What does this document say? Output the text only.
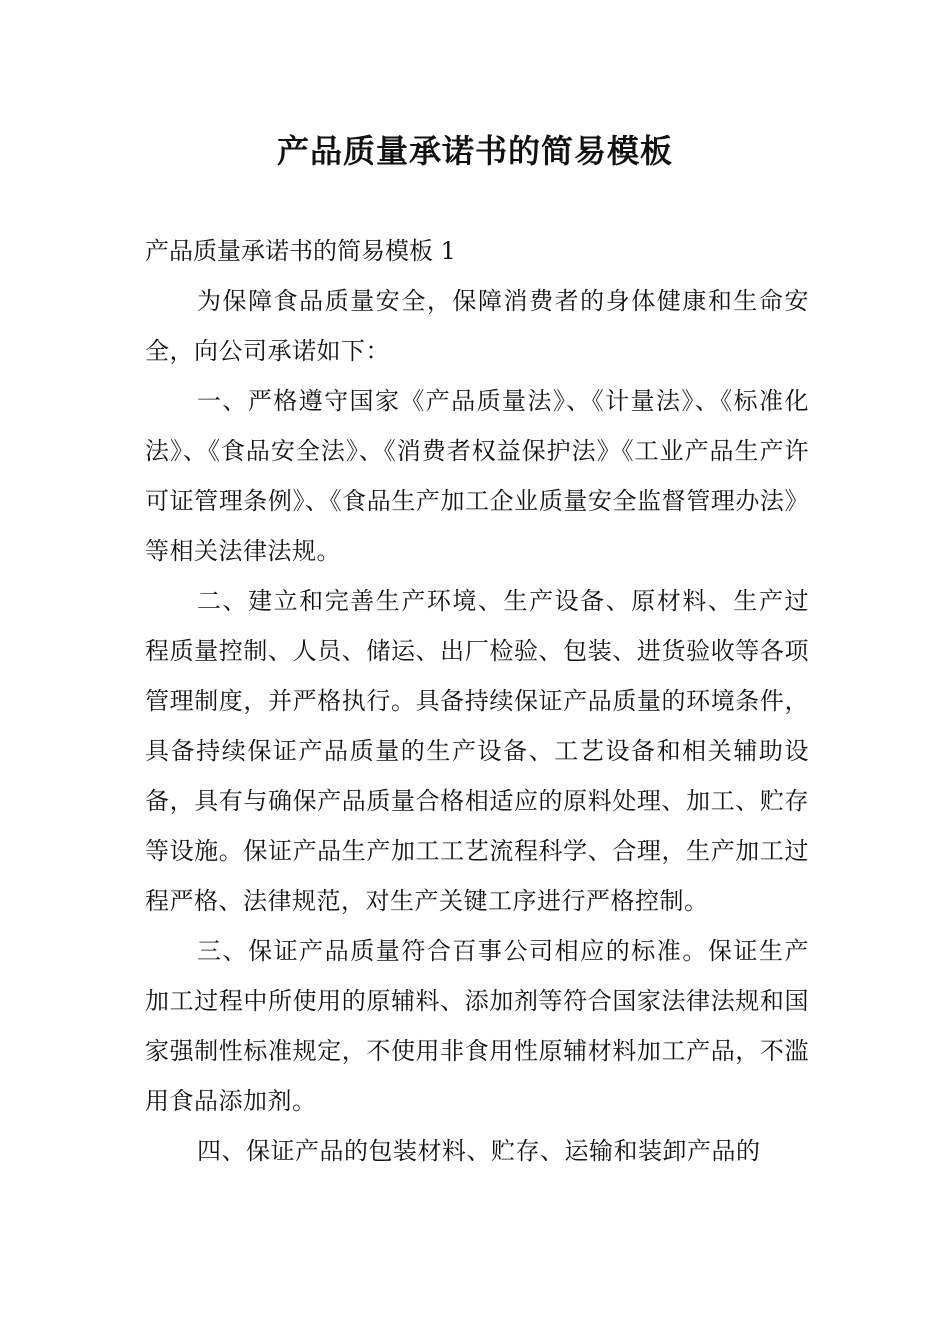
产品质量承诺书的简易模板

产品质量承诺书的简易模板 1

为保障食品质量安全，保障消费者的身体健康和生命安全，向公司承诺如下：

一、严格遵守国家《产品质量法》、《计量法》、《标准化法》、《食品安全法》、《消费者权益保护法》《工业产品生产许可证管理条例》、《食品生产加工企业质量安全监督管理办法》等相关法律法规。

二、建立和完善生产环境、生产设备、原材料、生产过程质量控制、人员、储运、出厂检验、包装、进货验收等各项管理制度，并严格执行。具备持续保证产品质量的环境条件，具备持续保证产品质量的生产设备、工艺设备和相关辅助设备，具有与确保产品质量合格相适应的原料处理、加工、贮存等设施。保证产品生产加工工艺流程科学、合理，生产加工过程严格、法律规范，对生产关键工序进行严格控制。

三、保证产品质量符合百事公司相应的标准。保证生产加工过程中所使用的原辅料、添加剂等符合国家法律法规和国家强制性标准规定，不使用非食用性原辅材料加工产品，不滥用食品添加剂。

四、保证产品的包装材料、贮存、运输和装卸产品的
